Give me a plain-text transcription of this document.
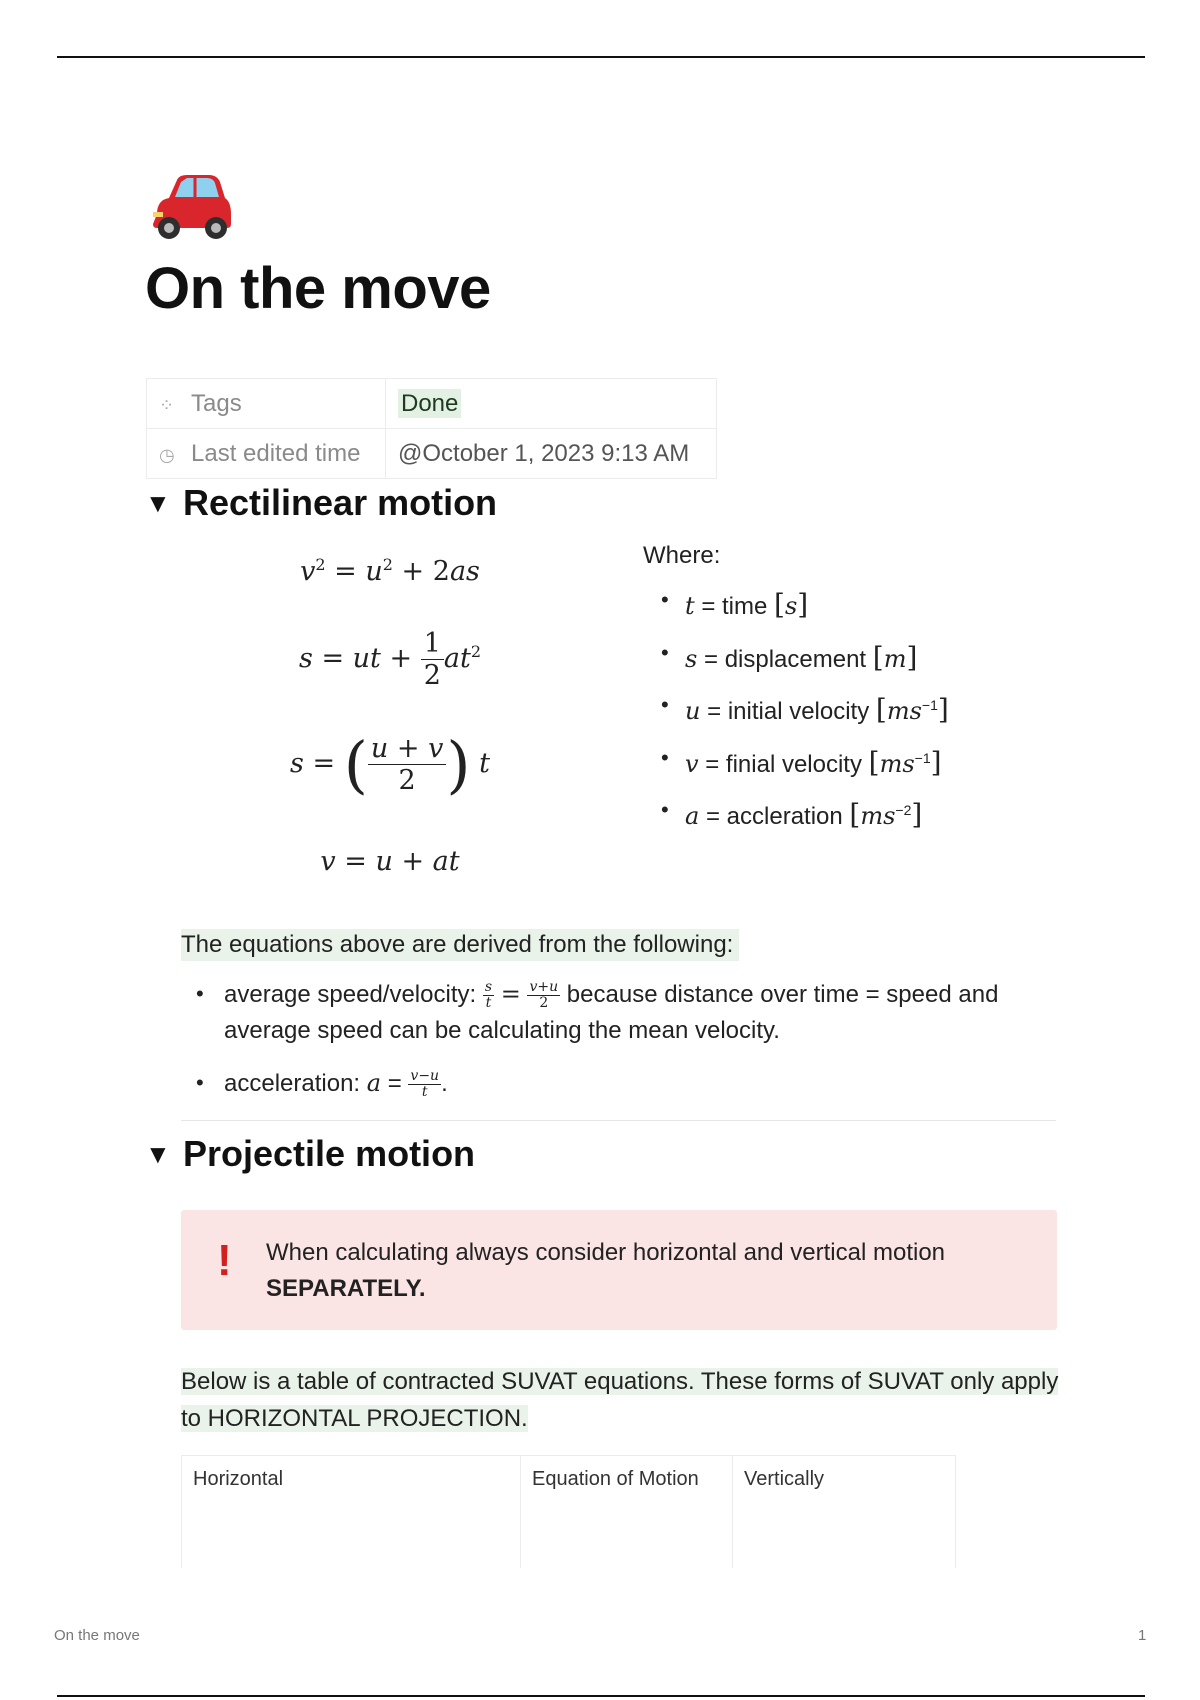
On the move
⁘ Tags	Done
◷ Last edited time	@October 1, 2023 9:13 AM
▼ Rectilinear motion
$v^2 = u^2 + 2as$
s = ut + $\frac{1}{2} at^2$
s = ( $\frac{u + v}{2}$ ) t
v = u + at
Where:
• t = time [s]
• s = displacement [m]
• u = initial velocity $[ms^{-1}]$
• v = finial velocity $[ms^{-1}]$
• a = accleration $[ms^{-2}]$
The equations above are derived from the following:
• average speed/velocity: $\frac{s}{t} = \frac{v+u}{2}$ because distance over time = speed and average speed can be calculating the mean velocity.
• acceleration: $a = \frac{v-u}{t}$ .
▼ Projectile motion
! When calculating always consider horizontal and vertical motion
SEPARATELY.
Below is a table of contracted SUVAT equations. These forms of SUVAT only apply to HORIZONTAL PROJECTION.
Horizontal	Equation of Motion	Vertically
On the move	1
